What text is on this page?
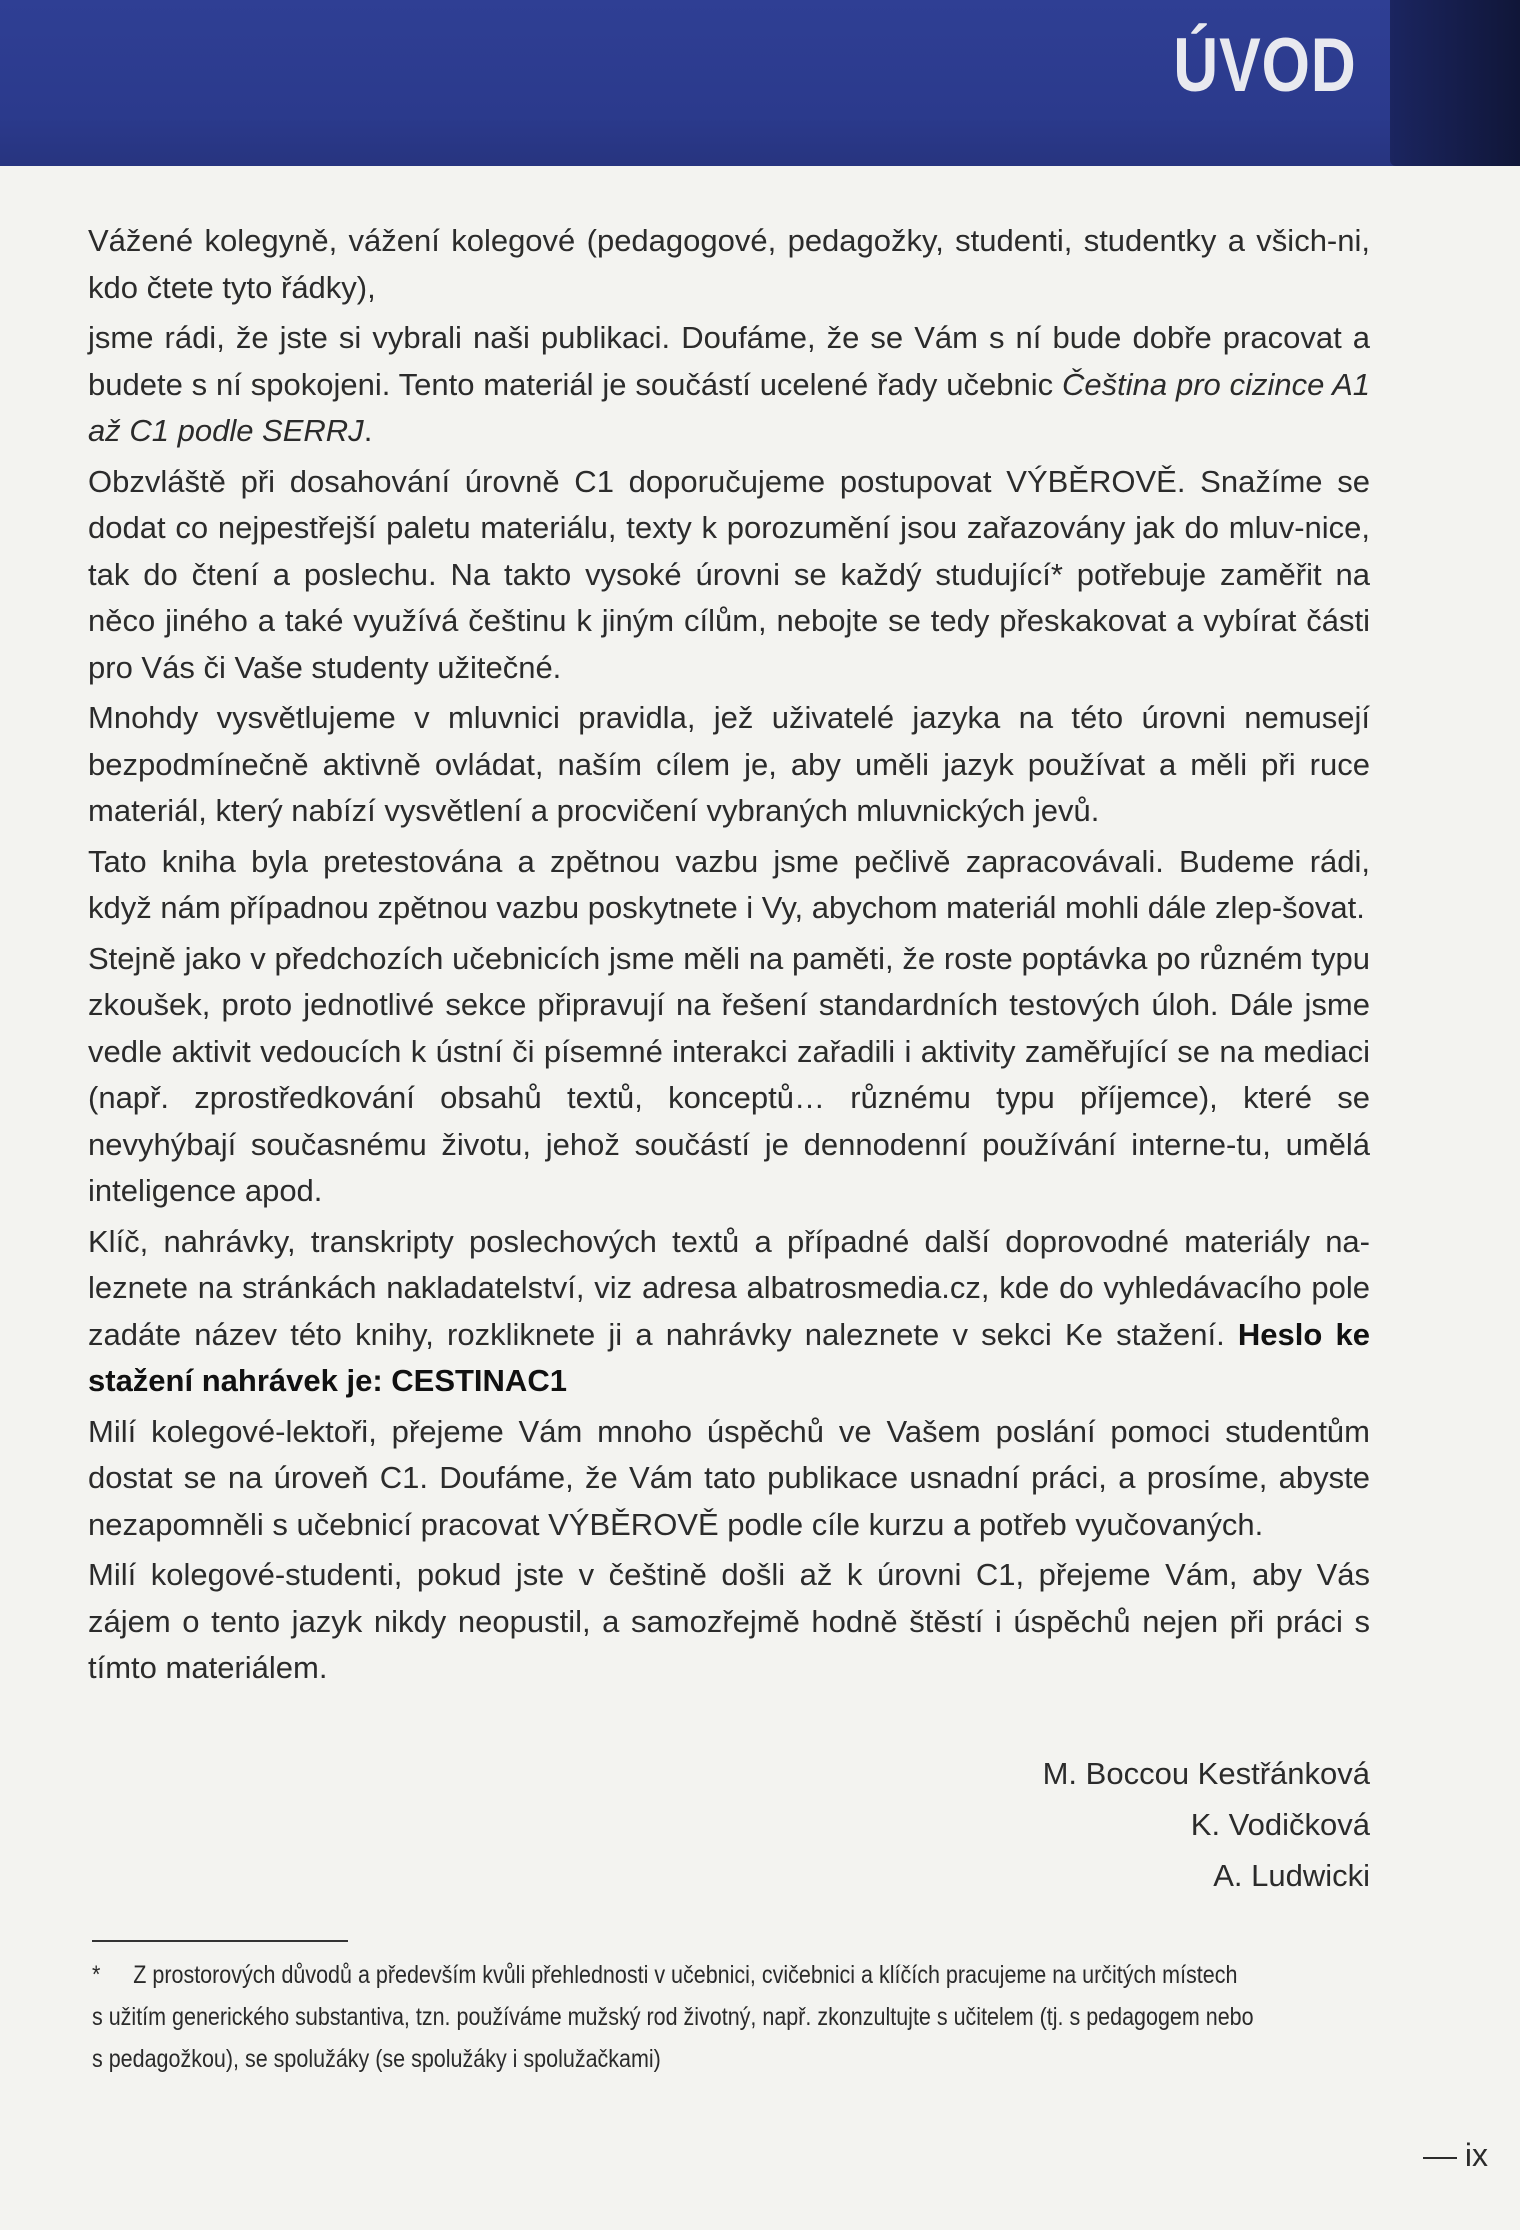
ÚVOD

Vážené kolegyně, vážení kolegové (pedagogové, pedagožky, studenti, studentky a všich-ni, kdo čtete tyto řádky),

jsme rádi, že jste si vybrali naši publikaci. Doufáme, že se Vám s ní bude dobře pracovat a budete s ní spokojeni. Tento materiál je součástí ucelené řady učebnic Čeština pro cizince A1 až C1 podle SERRJ.

Obzvláště při dosahování úrovně C1 doporučujeme postupovat VÝBĚROVĚ. Snažíme se dodat co nejpestřejší paletu materiálu, texty k porozumění jsou zařazovány jak do mluv-nice, tak do čtení a poslechu. Na takto vysoké úrovni se každý studující* potřebuje zaměřit na něco jiného a také využívá češtinu k jiným cílům, nebojte se tedy přeskakovat a vybírat části pro Vás či Vaše studenty užitečné.

Mnohdy vysvětlujeme v mluvnici pravidla, jež uživatelé jazyka na této úrovni nemusejí bezpodmínečně aktivně ovládat, naším cílem je, aby uměli jazyk používat a měli při ruce materiál, který nabízí vysvětlení a procvičení vybraných mluvnických jevů.

Tato kniha byla pretestována a zpětnou vazbu jsme pečlivě zapracovávali. Budeme rádi, když nám případnou zpětnou vazbu poskytnete i Vy, abychom materiál mohli dále zlep-šovat.

Stejně jako v předchozích učebnicích jsme měli na paměti, že roste poptávka po různém typu zkoušek, proto jednotlivé sekce připravují na řešení standardních testových úloh. Dále jsme vedle aktivit vedoucích k ústní či písemné interakci zařadili i aktivity zaměřující se na mediaci (např. zprostředkování obsahů textů, konceptů… různému typu příjemce), které se nevyhýbají současnému životu, jehož součástí je dennodenní používání interne-tu, umělá inteligence apod.

Klíč, nahrávky, transkripty poslechových textů a případné další doprovodné materiály na-leznete na stránkách nakladatelství, viz adresa albatrosmedia.cz, kde do vyhledávacího pole zadáte název této knihy, rozkliknete ji a nahrávky naleznete v sekci Ke stažení. Heslo ke stažení nahrávek je: CESTINAC1

Milí kolegové-lektoři, přejeme Vám mnoho úspěchů ve Vašem poslání pomoci studentům dostat se na úroveň C1. Doufáme, že Vám tato publikace usnadní práci, a prosíme, abyste nezapomněli s učebnicí pracovat VÝBĚROVĚ podle cíle kurzu a potřeb vyučovaných.

Milí kolegové-studenti, pokud jste v češtině došli až k úrovni C1, přejeme Vám, aby Vás zájem o tento jazyk nikdy neopustil, a samozřejmě hodně štěstí i úspěchů nejen při práci s tímto materiálem.

M. Boccou Kestřánková
K. Vodičková
A. Ludwicki
* Z prostorových důvodů a především kvůli přehlednosti v učebnici, cvičebnici a klíčích pracujeme na určitých místech
s užitím generického substantiva, tzn. používáme mužský rod životný, např. zkonzultujte s učitelem (tj. s pedagogem nebo
s pedagožkou), se spolužáky (se spolužáky i spolužačkami)
ix
